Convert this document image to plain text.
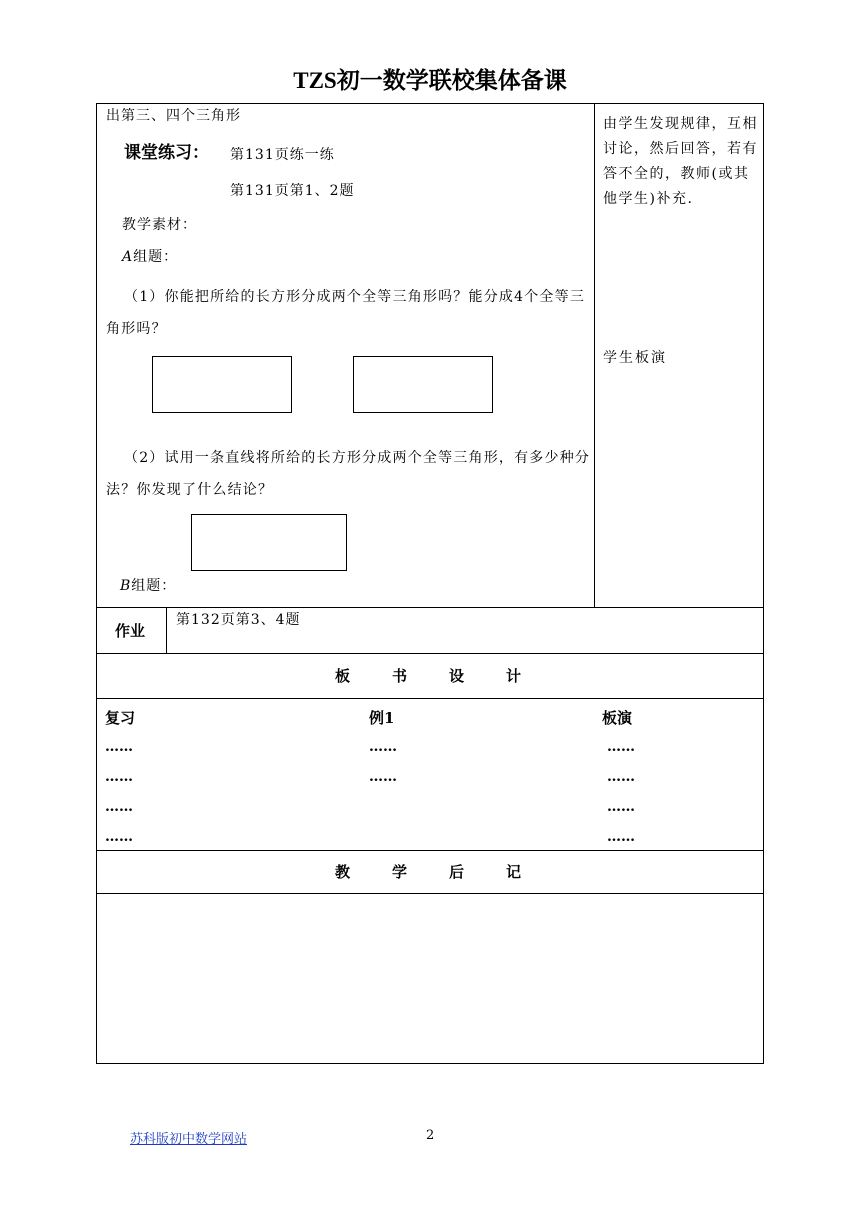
TZS初一数学联校集体备课
出第三、四个三角形
课堂练习： 第131页练一练
第131页第1、2题
教学素材：
A组题：
（1）你能把所给的长方形分成两个全等三角形吗？能分成4个全等三角形吗？
（2）试用一条直线将所给的长方形分成两个全等三角形，有多少种分法？你发现了什么结论？
B组题：
由学生发现规律，互相讨论，然后回答，若有答不全的，教师(或其他学生)补充.
学生板演
作业
第132页第3、4题
板　　书　　设　　计
复习
……
……
……
……
例1
……
……
板演
……
……
……
……
教　　学　　后　　记
苏科版初中数学网站	2
